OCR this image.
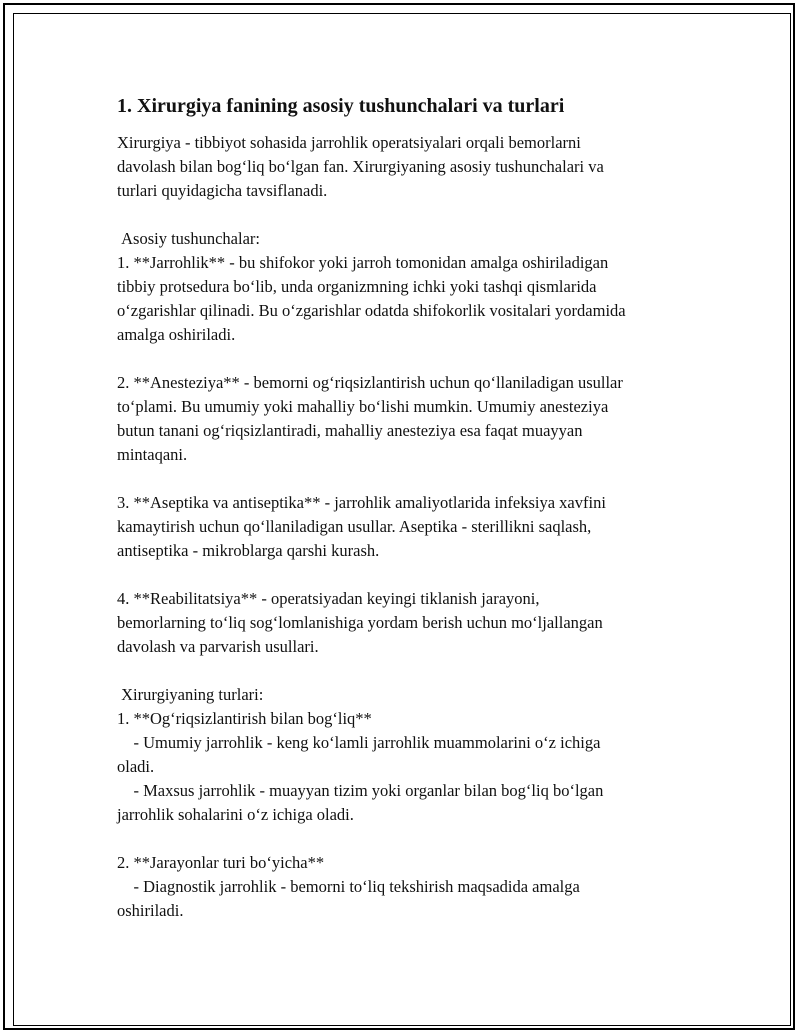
1. Xirurgiya fanining asosiy tushunchalari va turlari

Xirurgiya - tibbiyot sohasida jarrohlik operatsiyalari orqali bemorlarni
davolash bilan bog‘liq bo‘lgan fan. Xirurgiyaning asosiy tushunchalari va
turlari quyidagicha tavsiflanadi.

Asosiy tushunchalar:
1. **Jarrohlik** - bu shifokor yoki jarroh tomonidan amalga oshiriladigan
tibbiy protsedura bo‘lib, unda organizmning ichki yoki tashqi qismlarida
o‘zgarishlar qilinadi. Bu o‘zgarishlar odatda shifokorlik vositalari yordamida
amalga oshiriladi.

2. **Anesteziya** - bemorni og‘riqsizlantirish uchun qo‘llaniladigan usullar
to‘plami. Bu umumiy yoki mahalliy bo‘lishi mumkin. Umumiy anesteziya
butun tanani og‘riqsizlantiradi, mahalliy anesteziya esa faqat muayyan
mintaqani.

3. **Aseptika va antiseptika** - jarrohlik amaliyotlarida infeksiya xavfini
kamaytirish uchun qo‘llaniladigan usullar. Aseptika - sterillikni saqlash,
antiseptika - mikroblarga qarshi kurash.

4. **Reabilitatsiya** - operatsiyadan keyingi tiklanish jarayoni,
bemorlarning to‘liq sog‘lomlanishiga yordam berish uchun mo‘ljallangan
davolash va parvarish usullari.

Xirurgiyaning turlari:
1. **Og‘riqsizlantirish bilan bog‘liq**
- Umumiy jarrohlik - keng ko‘lamli jarrohlik muammolarini o‘z ichiga
oladi.
- Maxsus jarrohlik - muayyan tizim yoki organlar bilan bog‘liq bo‘lgan
jarrohlik sohalarini o‘z ichiga oladi.

2. **Jarayonlar turi bo‘yicha**
- Diagnostik jarrohlik - bemorni to‘liq tekshirish maqsadida amalga
oshiriladi.
